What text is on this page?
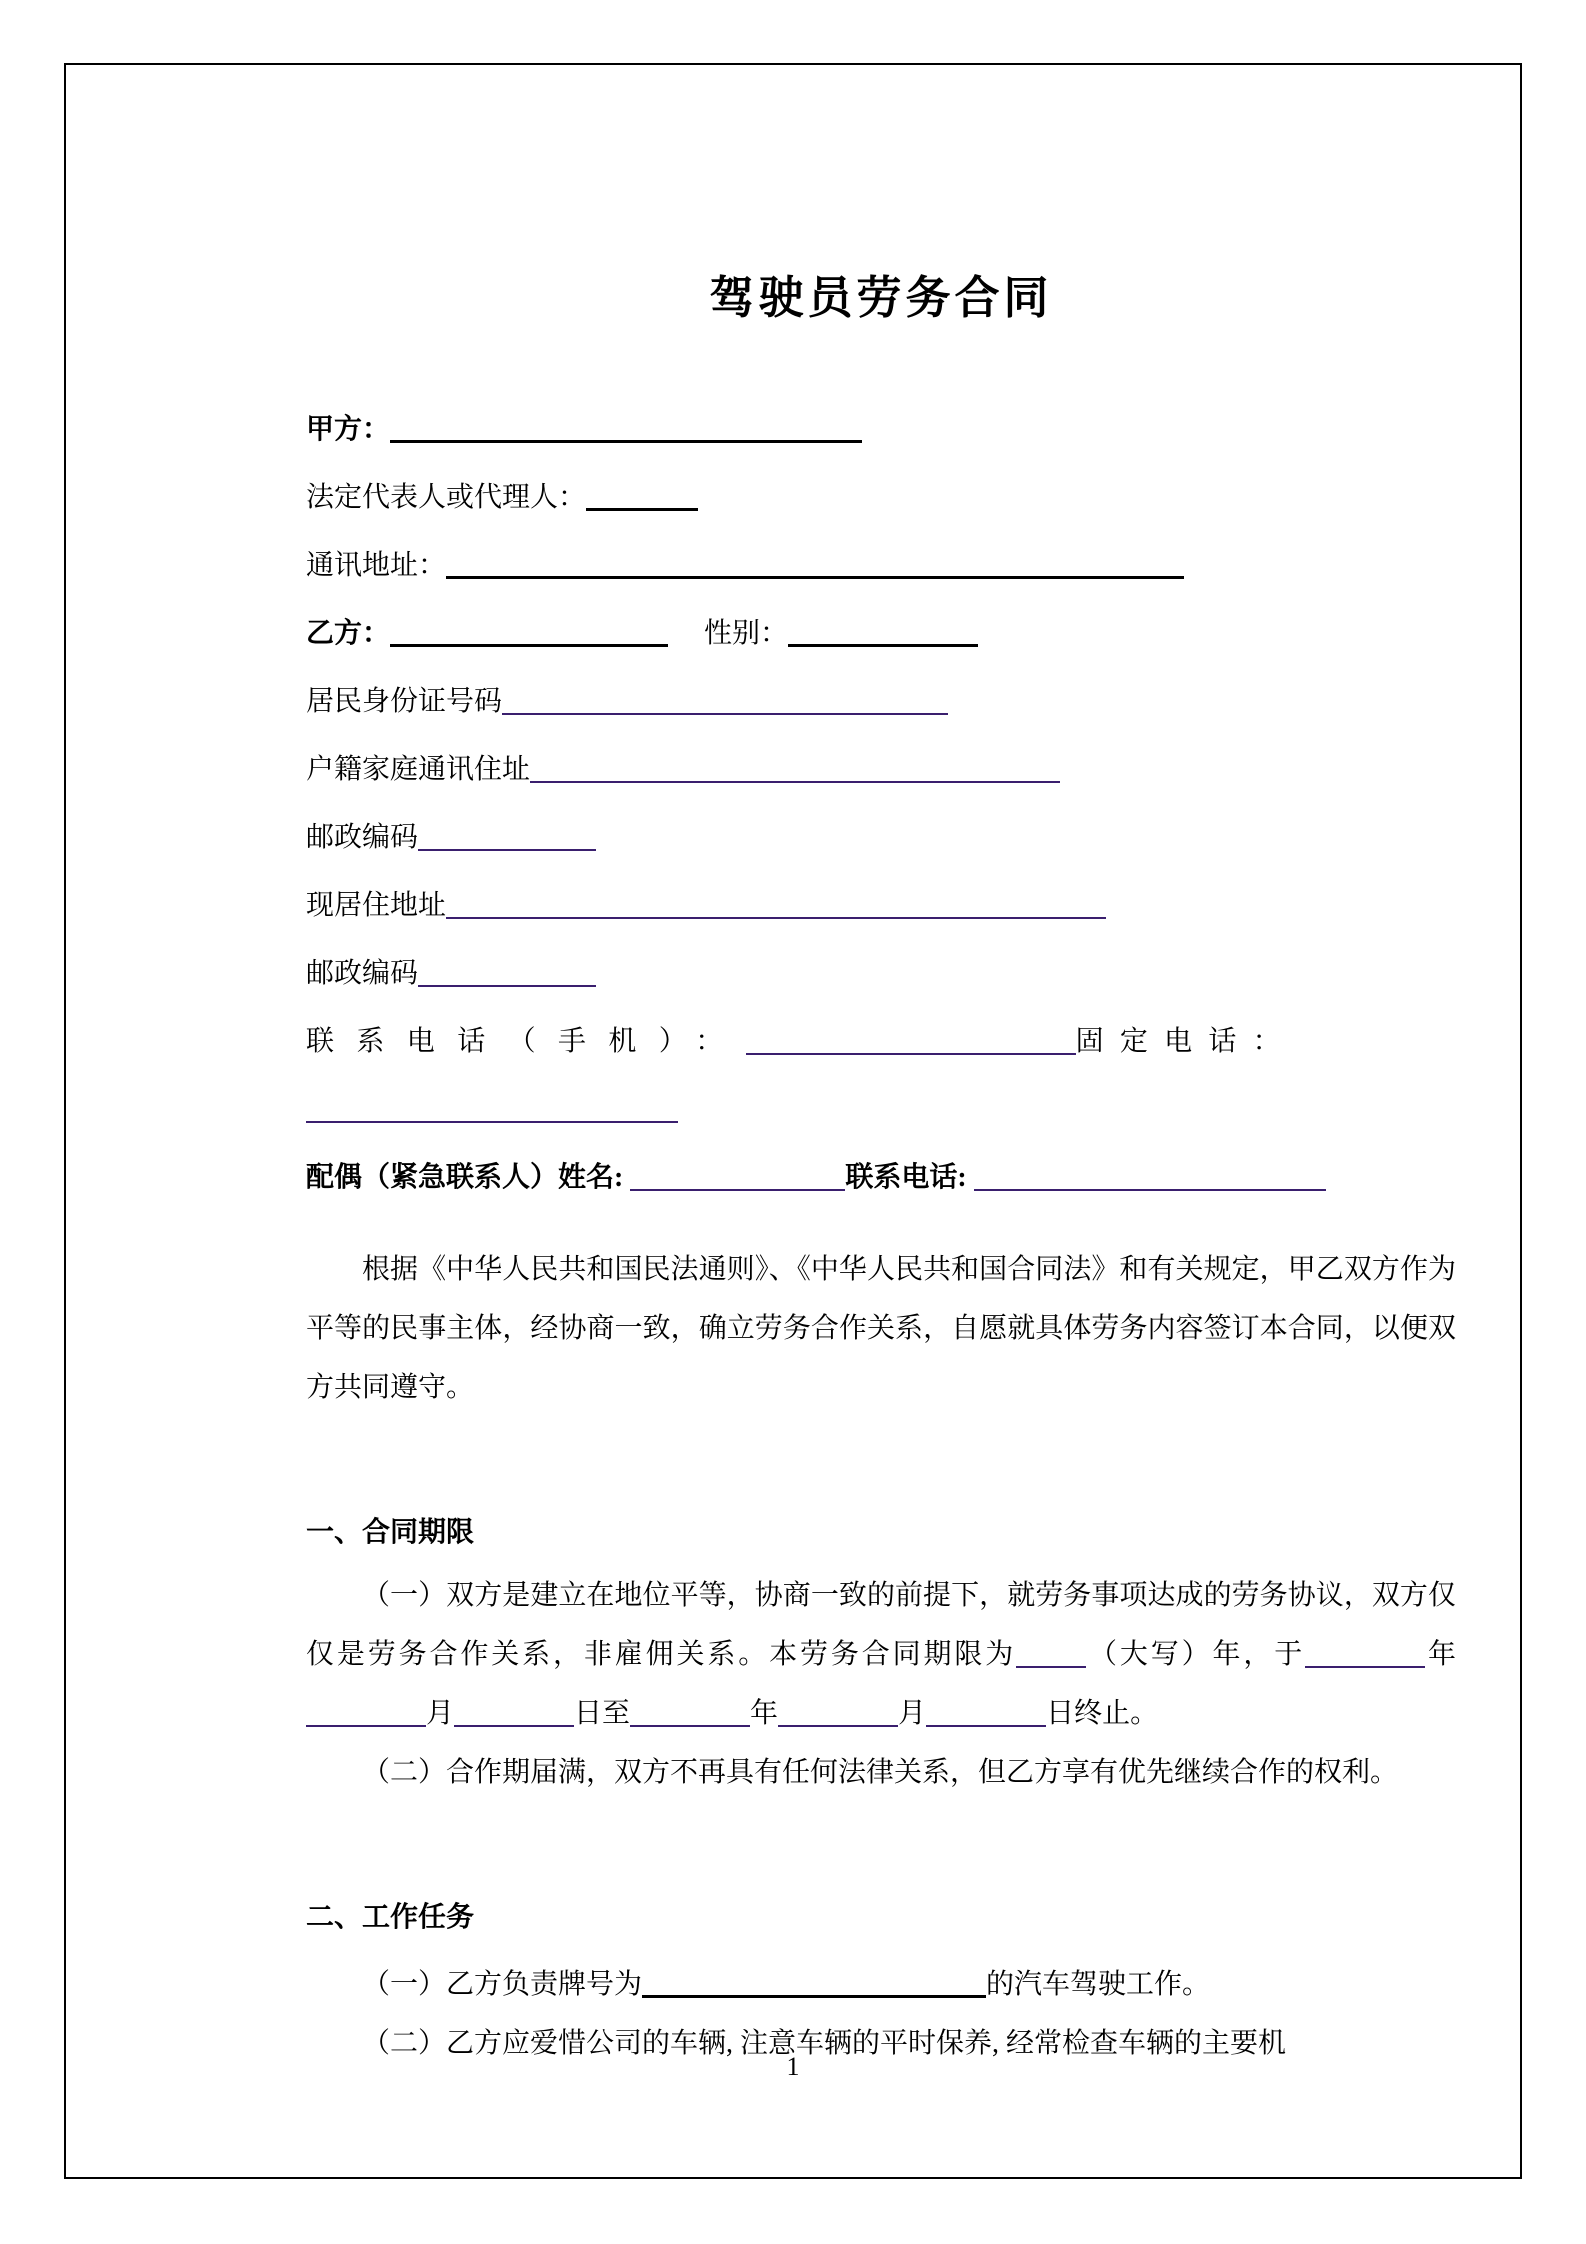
驾驶员劳务合同
甲方：
法定代表人或代理人：
通讯地址：
乙方：	性别：
居民身份证号码
户籍家庭通讯住址
邮政编码
现居住地址
邮政编码
联系电话（手机）：	固定电话：
配偶（紧急联系人）姓名:	联系电话:

根据《中华人民共和国民法通则》、《中华人民共和国合同法》和有关规定，甲乙双方作为平等的民事主体，经协商一致，确立劳务合作关系，自愿就具体劳务内容签订本合同，以便双方共同遵守。

一、合同期限

（一）双方是建立在地位平等，协商一致的前提下，就劳务事项达成的劳务协议，双方仅仅是劳务合作关系，非雇佣关系。本劳务合同期限为	（大写）年，于	年月	日至	年	月	日终止。

（二）合作期届满，双方不再具有任何法律关系，但乙方享有优先继续合作的权利。

二、工作任务

（一）乙方负责牌号为	的汽车驾驶工作。

（二）乙方应爱惜公司的车辆, 注意车辆的平时保养, 经常检查车辆的主要机

1
